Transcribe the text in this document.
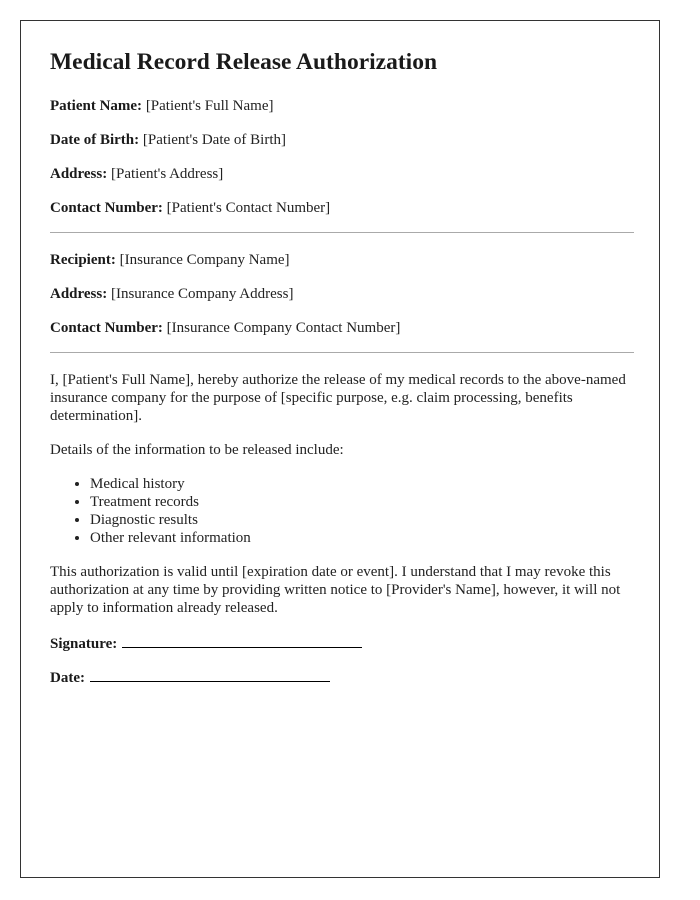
Medical Record Release Authorization
Patient Name: [Patient's Full Name]
Date of Birth: [Patient's Date of Birth]
Address: [Patient's Address]
Contact Number: [Patient's Contact Number]
Recipient: [Insurance Company Name]
Address: [Insurance Company Address]
Contact Number: [Insurance Company Contact Number]

I, [Patient's Full Name], hereby authorize the release of my medical records to the above-named insurance company for the purpose of [specific purpose, e.g. claim processing, benefits determination].

Details of the information to be released include:

• Medical history
• Treatment records
• Diagnostic results
• Other relevant information

This authorization is valid until [expiration date or event]. I understand that I may revoke this authorization at any time by providing written notice to [Provider's Name], however, it will not apply to information already released.

Signature:
Date:
